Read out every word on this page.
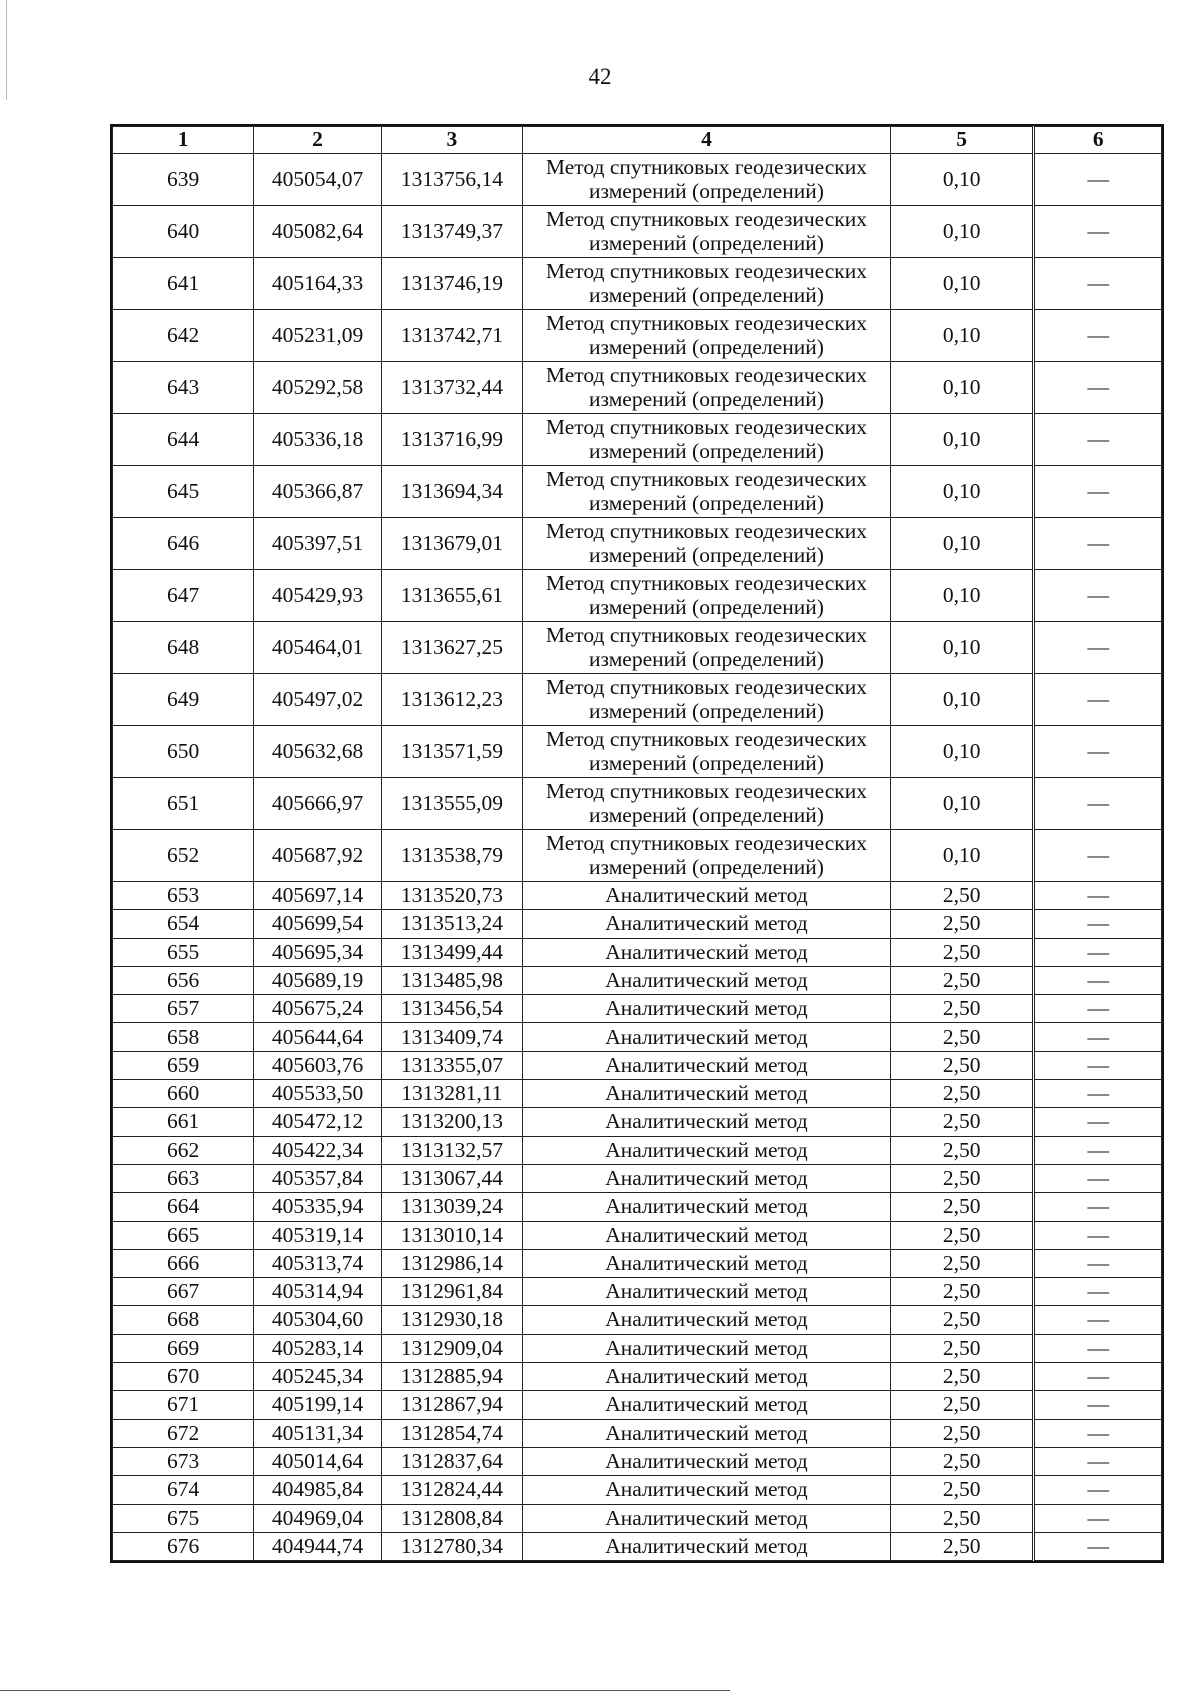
42
1	2	3	4	5	6
639	405054,07	1313756,14	Метод спутниковых геодезических измерений (определений)	0,10	—
640	405082,64	1313749,37	Метод спутниковых геодезических измерений (определений)	0,10	—
641	405164,33	1313746,19	Метод спутниковых геодезических измерений (определений)	0,10	—
642	405231,09	1313742,71	Метод спутниковых геодезических измерений (определений)	0,10	—
643	405292,58	1313732,44	Метод спутниковых геодезических измерений (определений)	0,10	—
644	405336,18	1313716,99	Метод спутниковых геодезических измерений (определений)	0,10	—
645	405366,87	1313694,34	Метод спутниковых геодезических измерений (определений)	0,10	—
646	405397,51	1313679,01	Метод спутниковых геодезических измерений (определений)	0,10	—
647	405429,93	1313655,61	Метод спутниковых геодезических измерений (определений)	0,10	—
648	405464,01	1313627,25	Метод спутниковых геодезических измерений (определений)	0,10	—
649	405497,02	1313612,23	Метод спутниковых геодезических измерений (определений)	0,10	—
650	405632,68	1313571,59	Метод спутниковых геодезических измерений (определений)	0,10	—
651	405666,97	1313555,09	Метод спутниковых геодезических измерений (определений)	0,10	—
652	405687,92	1313538,79	Метод спутниковых геодезических измерений (определений)	0,10	—
653	405697,14	1313520,73	Аналитический метод	2,50	—
654	405699,54	1313513,24	Аналитический метод	2,50	—
655	405695,34	1313499,44	Аналитический метод	2,50	—
656	405689,19	1313485,98	Аналитический метод	2,50	—
657	405675,24	1313456,54	Аналитический метод	2,50	—
658	405644,64	1313409,74	Аналитический метод	2,50	—
659	405603,76	1313355,07	Аналитический метод	2,50	—
660	405533,50	1313281,11	Аналитический метод	2,50	—
661	405472,12	1313200,13	Аналитический метод	2,50	—
662	405422,34	1313132,57	Аналитический метод	2,50	—
663	405357,84	1313067,44	Аналитический метод	2,50	—
664	405335,94	1313039,24	Аналитический метод	2,50	—
665	405319,14	1313010,14	Аналитический метод	2,50	—
666	405313,74	1312986,14	Аналитический метод	2,50	—
667	405314,94	1312961,84	Аналитический метод	2,50	—
668	405304,60	1312930,18	Аналитический метод	2,50	—
669	405283,14	1312909,04	Аналитический метод	2,50	—
670	405245,34	1312885,94	Аналитический метод	2,50	—
671	405199,14	1312867,94	Аналитический метод	2,50	—
672	405131,34	1312854,74	Аналитический метод	2,50	—
673	405014,64	1312837,64	Аналитический метод	2,50	—
674	404985,84	1312824,44	Аналитический метод	2,50	—
675	404969,04	1312808,84	Аналитический метод	2,50	—
676	404944,74	1312780,34	Аналитический метод	2,50	—
